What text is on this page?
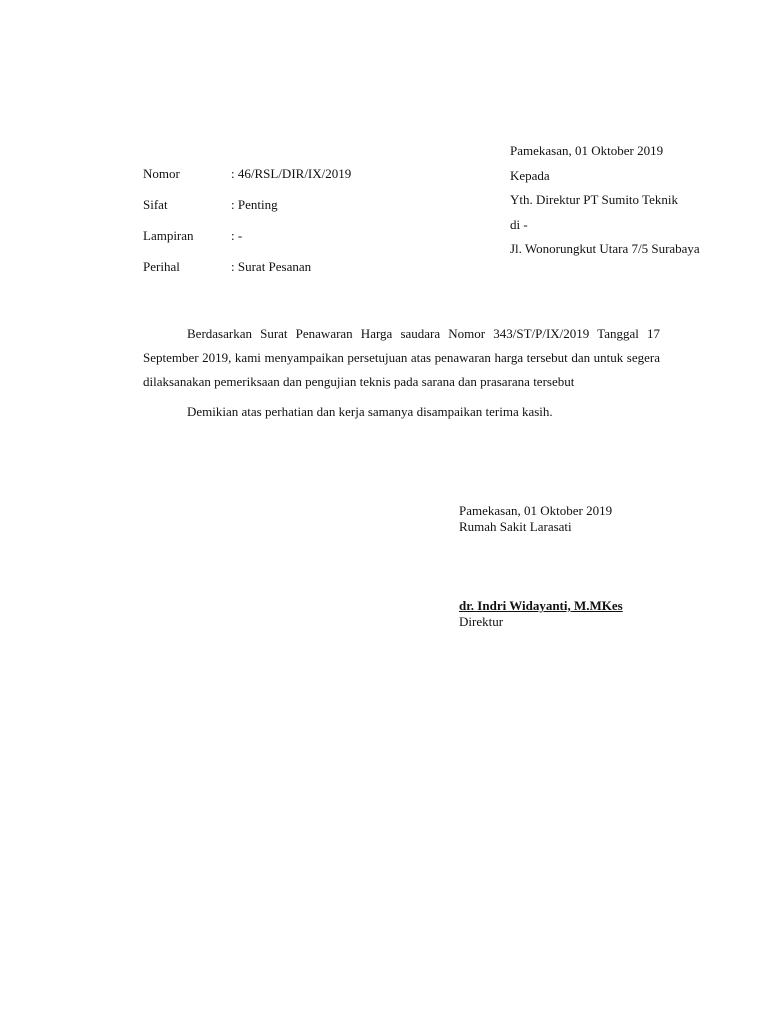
Pamekasan, 01 Oktober 2019
Kepada
Yth. Direktur PT Sumito Teknik
di -
Jl. Wonorungkut Utara 7/5 Surabaya
Nomor	: 46/RSL/DIR/IX/2019
Sifat	: Penting
Lampiran	: -
Perihal	: Surat Pesanan

Berdasarkan Surat Penawaran Harga saudara Nomor 343/ST/P/IX/2019 Tanggal 17 September 2019, kami menyampaikan persetujuan atas penawaran harga tersebut dan untuk segera dilaksanakan pemeriksaan dan pengujian teknis pada sarana dan prasarana tersebut

Demikian atas perhatian dan kerja samanya disampaikan terima kasih.

Pamekasan, 01 Oktober 2019
Rumah Sakit Larasati
dr. Indri Widayanti, M.MKes
Direktur
